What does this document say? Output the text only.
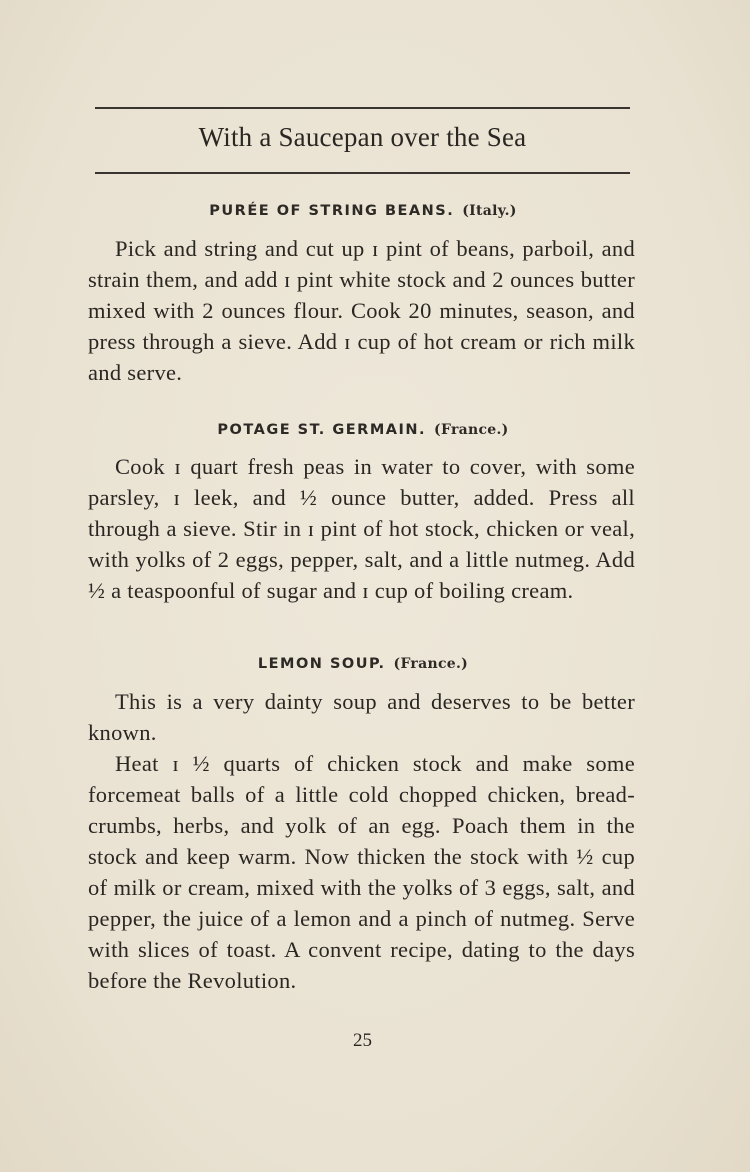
With a Saucepan over the Sea
PURÉE OF STRING BEANS. (Italy.)
Pick and string and cut up ɪ pint of beans, parboil, and strain them, and add ɪ pint white stock and 2 ounces butter mixed with 2 ounces flour. Cook 20 minutes, season, and press through a sieve. Add ɪ cup of hot cream or rich milk and serve.
POTAGE ST. GERMAIN. (France.)
Cook ɪ quart fresh peas in water to cover, with some parsley, ɪ leek, and ½ ounce butter, added. Press all through a sieve. Stir in ɪ pint of hot stock, chicken or veal, with yolks of 2 eggs, pepper, salt, and a little nutmeg. Add ½ a teaspoonful of sugar and ɪ cup of boiling cream.
LEMON SOUP. (France.)
This is a very dainty soup and deserves to be better known.
Heat ɪ ½ quarts of chicken stock and make some forcemeat balls of a little cold chopped chicken, bread-crumbs, herbs, and yolk of an egg. Poach them in the stock and keep warm. Now thicken the stock with ½ cup of milk or cream, mixed with the yolks of 3 eggs, salt, and pepper, the juice of a lemon and a pinch of nutmeg. Serve with slices of toast. A convent recipe, dating to the days before the Revolution.
25
